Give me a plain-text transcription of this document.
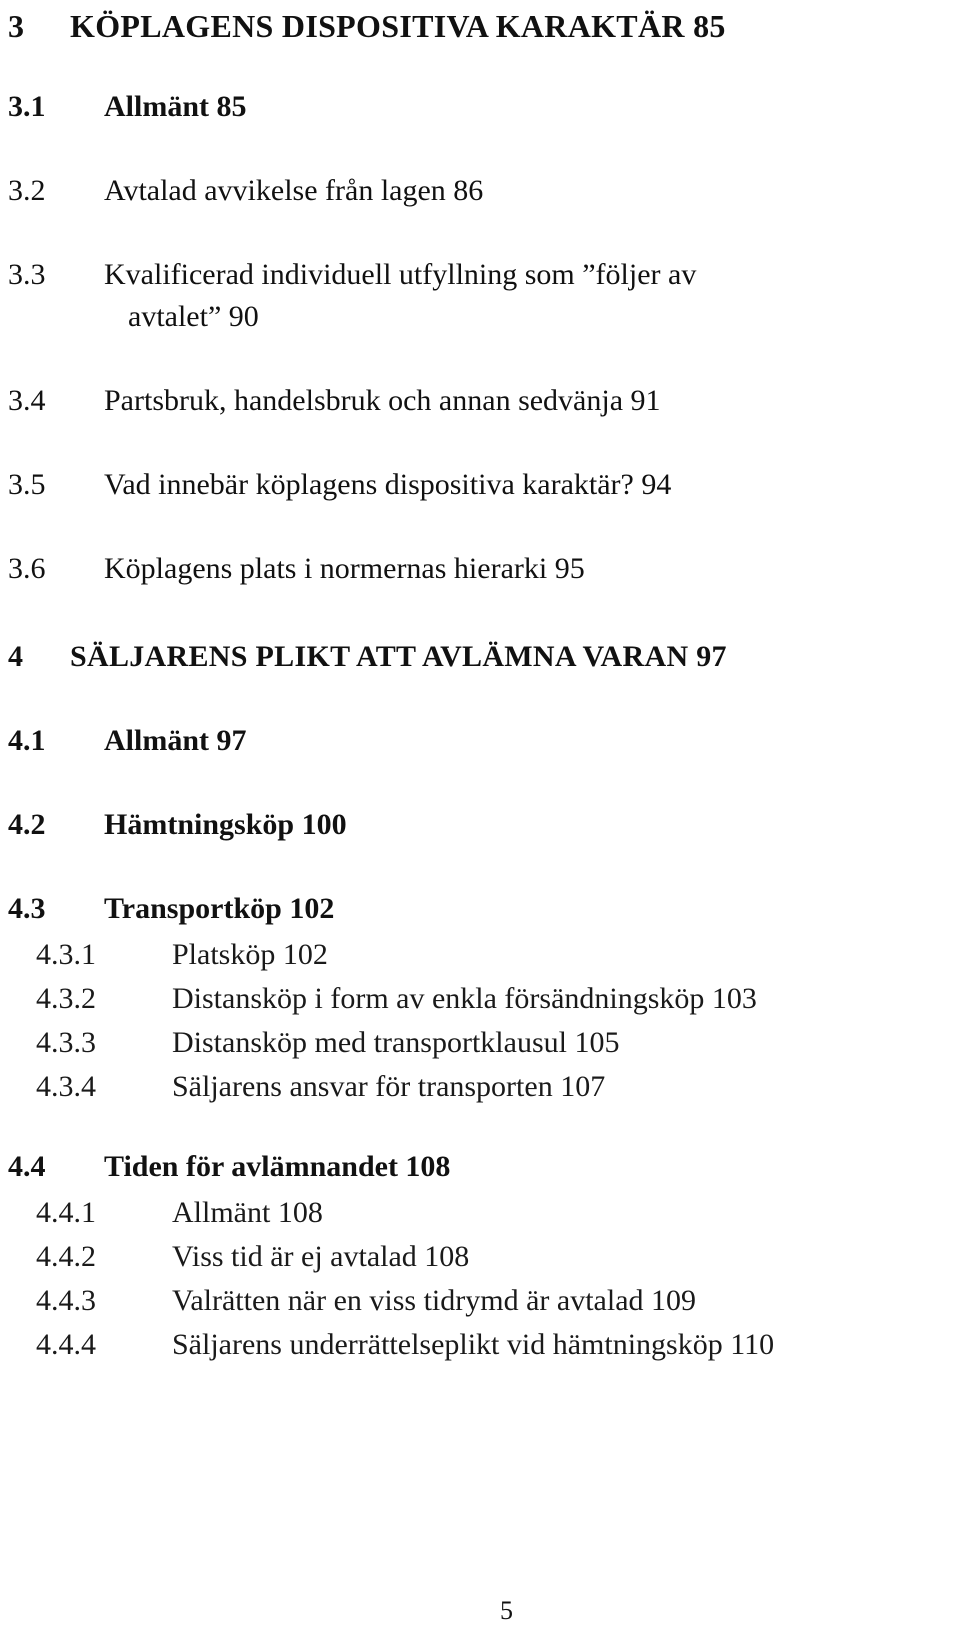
3 KÖPLAGENS DISPOSITIVA KARAKTÄR 85
3.1 Allmänt 85
3.2 Avtalad avvikelse från lagen 86
3.3 Kvalificerad individuell utfyllning som ”följer av
avtalet” 90
3.4 Partsbruk, handelsbruk och annan sedvänja 91
3.5 Vad innebär köplagens dispositiva karaktär? 94
3.6 Köplagens plats i normernas hierarki 95
4 SÄLJARENS PLIKT ATT AVLÄMNA VARAN 97
4.1 Allmänt 97
4.2 Hämtningsköp 100
4.3 Transportköp 102
4.3.1	Platsköp 102
4.3.2	Distansköp i form av enkla försändningsköp 103
4.3.3	Distansköp med transportklausul 105
4.3.4	Säljarens ansvar för transporten 107
4.4 Tiden för avlämnandet 108
4.4.1	Allmänt 108
4.4.2	Viss tid är ej avtalad 108
4.4.3	Valrätten när en viss tidrymd är avtalad 109
4.4.4	Säljarens underrättelseplikt vid hämtningsköp 110
5
